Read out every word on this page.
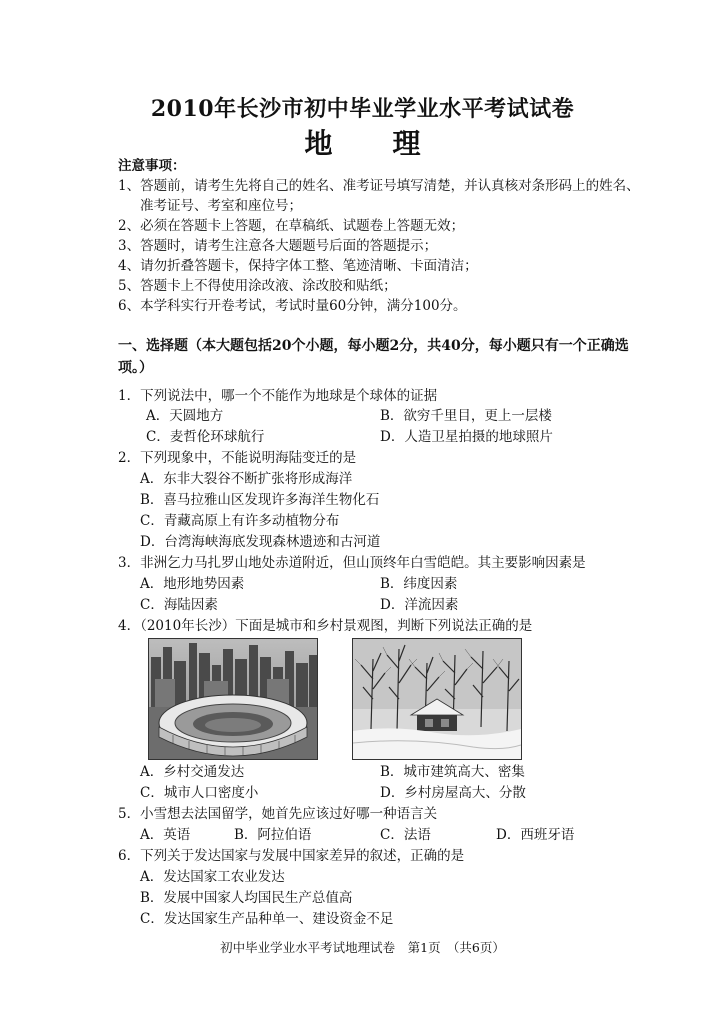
2010年长沙市初中毕业学业水平考试试卷
地理
注意事项：
1、答题前，请考生先将自己的姓名、准考证号填写清楚，并认真核对条形码上的姓名、
准考证号、考室和座位号；
2、必须在答题卡上答题，在草稿纸、试题卷上答题无效；
3、答题时，请考生注意各大题题号后面的答题提示；
4、请勿折叠答题卡，保持字体工整、笔迹清晰、卡面清洁；
5、答题卡上不得使用涂改液、涂改胶和贴纸；
6、本学科实行开卷考试，考试时量60分钟，满分100分。
一、选择题（本大题包括20个小题，每小题2分，共40分，每小题只有一个正确选
项。）
1．下列说法中，哪一个不能作为地球是个球体的证据
A．天圆地方	B．欲穷千里目，更上一层楼
C．麦哲伦环球航行	D．人造卫星拍摄的地球照片
2．下列现象中，不能说明海陆变迁的是
A．东非大裂谷不断扩张将形成海洋
B．喜马拉雅山区发现许多海洋生物化石
C．青藏高原上有许多动植物分布
D．台湾海峡海底发现森林遗迹和古河道
3．非洲乞力马扎罗山地处赤道附近，但山顶终年白雪皑皑。其主要影响因素是
A．地形地势因素	B．纬度因素
C．海陆因素	D．洋流因素
4．（2010年长沙）下面是城市和乡村景观图，判断下列说法正确的是
A．乡村交通发达	B．城市建筑高大、密集
C．城市人口密度小	D．乡村房屋高大、分散
5．小雪想去法国留学，她首先应该过好哪一种语言关
A．英语	B．阿拉伯语	C．法语	D．西班牙语
6．下列关于发达国家与发展中国家差异的叙述，正确的是
A．发达国家工农业发达
B．发展中国家人均国民生产总值高
C．发达国家生产品种单一、建设资金不足
初中毕业学业水平考试地理试卷　第1页　（共6页）
